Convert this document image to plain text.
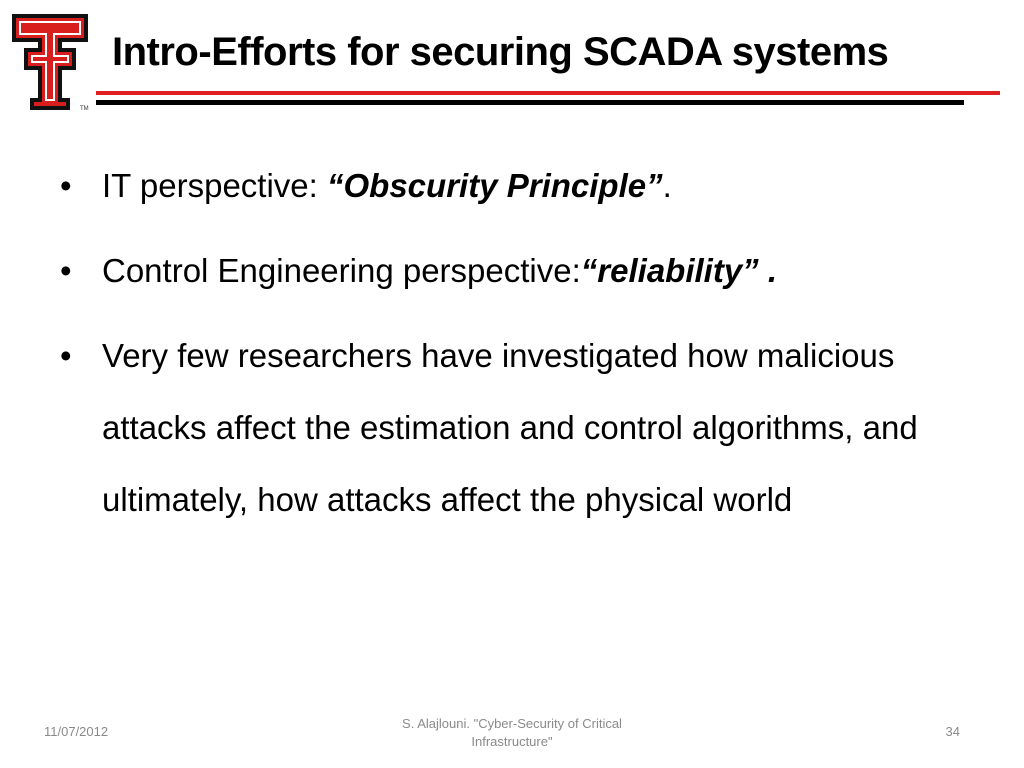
TM
Intro-Efforts for securing SCADA systems
• IT perspective: “Obscurity Principle”.
• Control Engineering perspective:“reliability” .
• Very few researchers have investigated how malicious attacks affect the estimation and control algorithms, and ultimately, how attacks affect the physical world
11/07/2012
S. Alajlouni. "Cyber-Security of Critical Infrastructure"
34
